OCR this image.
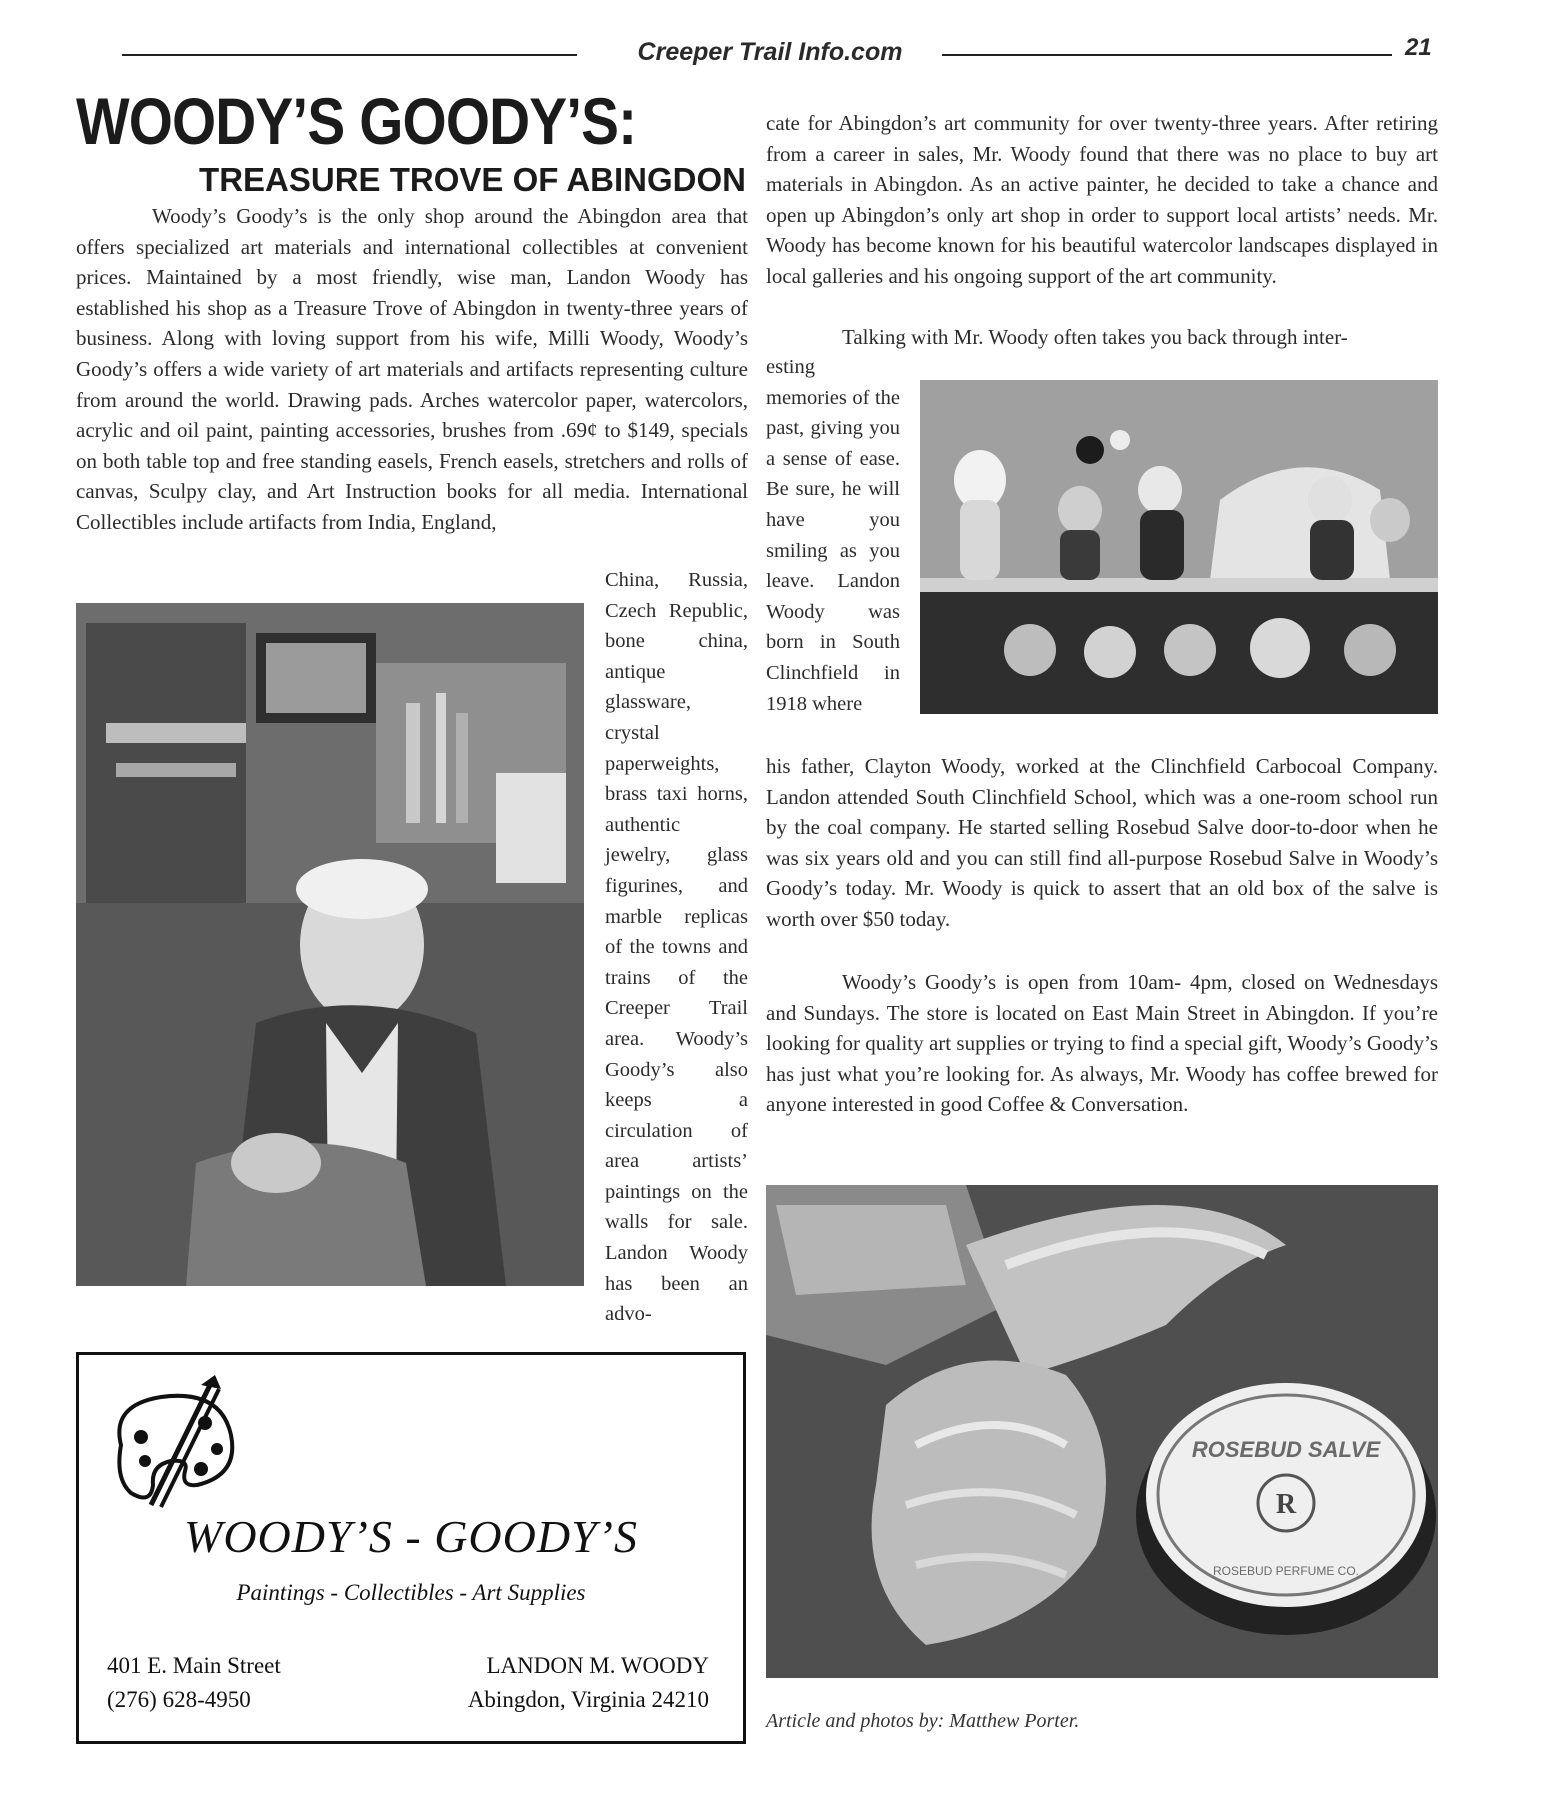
Creeper Trail Info.com	21
WOODY’S GOODY’S:
TREASURE TROVE OF ABINGDON
Woody’s Goody’s is the only shop around the Abingdon area that offers specialized art materials and international collectibles at convenient prices. Maintained by a most friendly, wise man, Landon Woody has established his shop as a Treasure Trove of Abingdon in twenty-three years of business. Along with loving support from his wife, Milli Woody, Woody’s Goody’s offers a wide variety of art materials and artifacts representing culture from around the world. Drawing pads. Arches watercolor paper, watercolors, acrylic and oil paint, painting accessories, brushes from .69¢ to $149, specials on both table top and free standing easels, French easels, stretchers and rolls of canvas, Sculpy clay, and Art Instruction books for all media. International Collectibles include artifacts from India, England,
China, Russia, Czech Republic, bone china, antique glassware, crystal paperweights, brass taxi horns, authentic jewelry, glass figurines, and marble replicas of the towns and trains of the Creeper Trail area. Woody’s Goody’s also keeps a circulation of area artists’ paintings on the walls for sale. Landon Woody has been an advo-
cate for Abingdon’s art community for over twenty-three years. After retiring from a career in sales, Mr. Woody found that there was no place to buy art materials in Abingdon. As an active painter, he decided to take a chance and open up Abingdon’s only art shop in order to support local artists’ needs. Mr. Woody has become known for his beautiful watercolor landscapes displayed in local galleries and his ongoing support of the art community.
Talking with Mr. Woody often takes you back through inter-
esting memories of the past, giving you a sense of ease. Be sure, he will have you smiling as you leave. Landon Woody was born in South Clinchfield in 1918 where
his father, Clayton Woody, worked at the Clinchfield Carbocoal Company. Landon attended South Clinchfield School, which was a one-room school run by the coal company. He started selling Rosebud Salve door-to-door when he was six years old and you can still find all-purpose Rosebud Salve in Woody’s Goody’s today. Mr. Woody is quick to assert that an old box of the salve is worth over $50 today.
Woody’s Goody’s is open from 10am- 4pm, closed on Wednesdays and Sundays. The store is located on East Main Street in Abingdon. If you’re looking for quality art supplies or trying to find a special gift, Woody’s Goody’s has just what you’re looking for. As always, Mr. Woody has coffee brewed for anyone interested in good Coffee & Conversation.
ROSEBUD SALVE
R
ROSEBUD PERFUME CO.
Article and photos by: Matthew Porter.
WOODY’S - GOODY’S
Paintings - Collectibles - Art Supplies
401 E. Main Street
(276) 628-4950
LANDON M. WOODY
Abingdon, Virginia 24210
